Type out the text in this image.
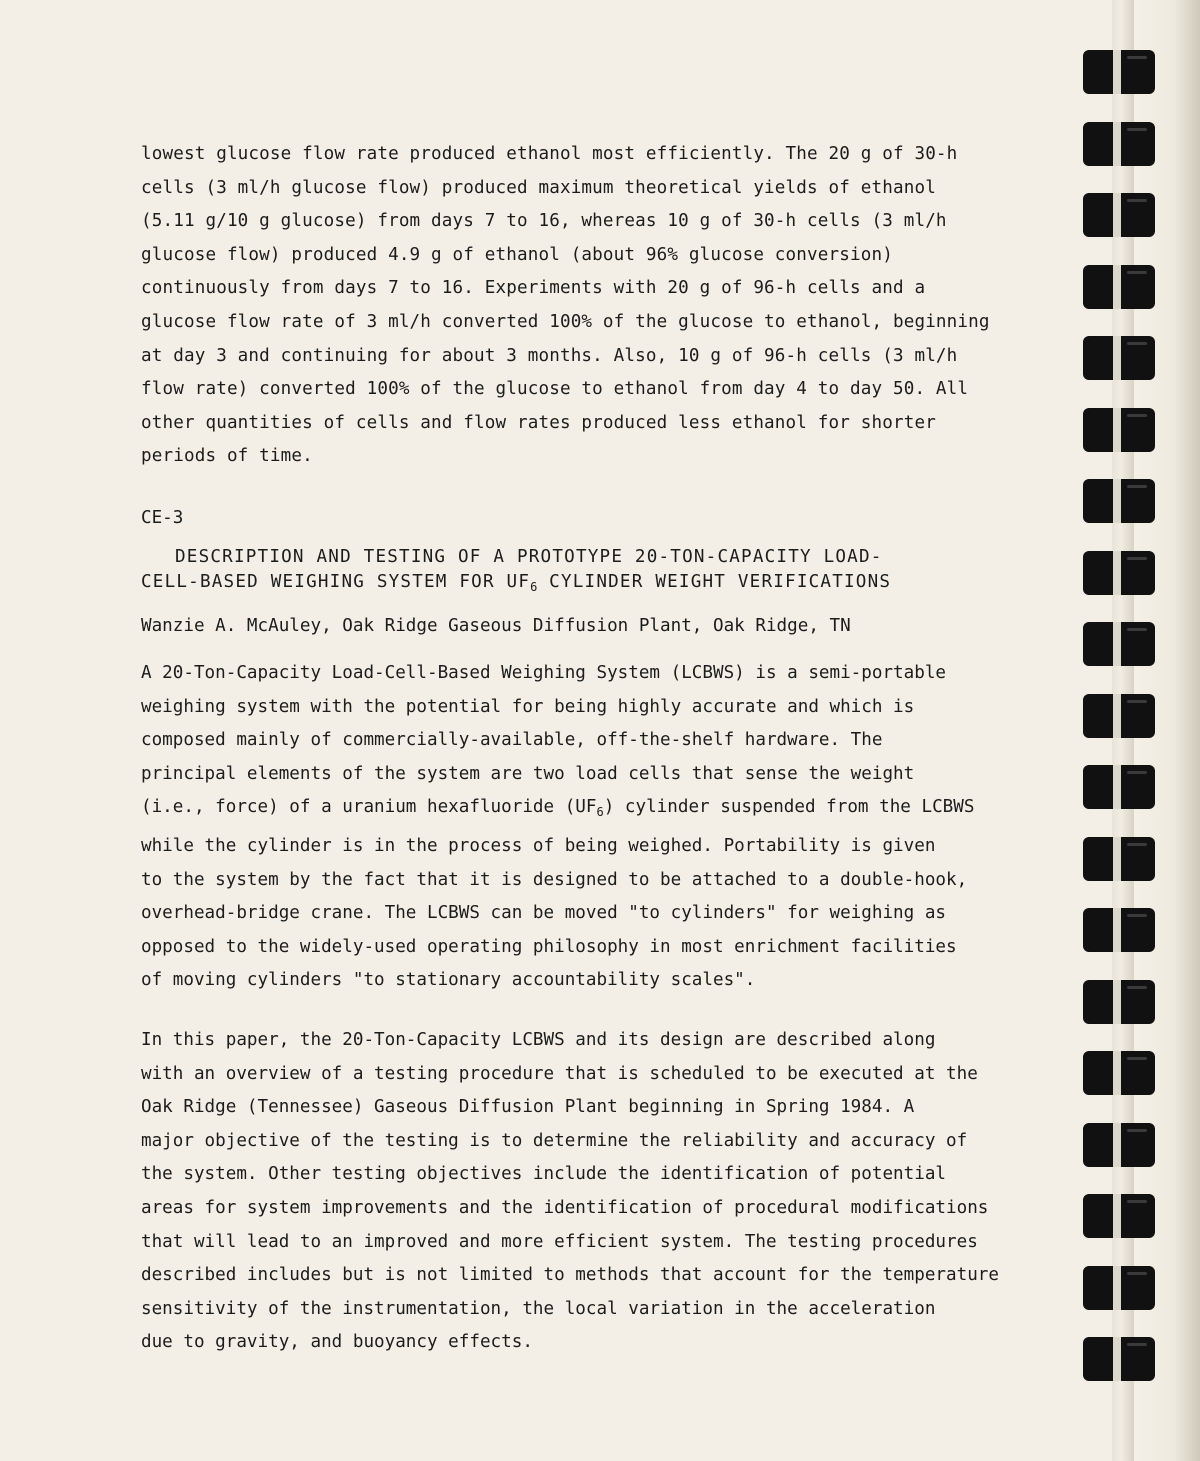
lowest glucose flow rate produced ethanol most efficiently. The 20 g of 30-h
cells (3 ml/h glucose flow) produced maximum theoretical yields of ethanol
(5.11 g/10 g glucose) from days 7 to 16, whereas 10 g of 30-h cells (3 ml/h
glucose flow) produced 4.9 g of ethanol (about 96% glucose conversion)
continuously from days 7 to 16. Experiments with 20 g of 96-h cells and a
glucose flow rate of 3 ml/h converted 100% of the glucose to ethanol, beginning
at day 3 and continuing for about 3 months. Also, 10 g of 96-h cells (3 ml/h
flow rate) converted 100% of the glucose to ethanol from day 4 to day 50. All
other quantities of cells and flow rates produced less ethanol for shorter
periods of time.

CE-3
DESCRIPTION AND TESTING OF A PROTOTYPE 20-TON-CAPACITY LOAD-
CELL-BASED WEIGHING SYSTEM FOR $UF_6$ CYLINDER WEIGHT VERIFICATIONS
Wanzie A. McAuley, Oak Ridge Gaseous Diffusion Plant, Oak Ridge, TN
A 20-Ton-Capacity Load-Cell-Based Weighing System (LCBWS) is a semi-portable
weighing system with the potential for being highly accurate and which is
composed mainly of commercially-available, off-the-shelf hardware. The
principal elements of the system are two load cells that sense the weight
(i.e., force) of a uranium hexafluoride $(UF_6)$ cylinder suspended from the LCBWS
while the cylinder is in the process of being weighed. Portability is given
to the system by the fact that it is designed to be attached to a double-hook,
overhead-bridge crane. The LCBWS can be moved "to cylinders" for weighing as
opposed to the widely-used operating philosophy in most enrichment facilities
of moving cylinders "to stationary accountability scales".
In this paper, the 20-Ton-Capacity LCBWS and its design are described along
with an overview of a testing procedure that is scheduled to be executed at the
Oak Ridge (Tennessee) Gaseous Diffusion Plant beginning in Spring 1984. A
major objective of the testing is to determine the reliability and accuracy of
the system. Other testing objectives include the identification of potential
areas for system improvements and the identification of procedural modifications
that will lead to an improved and more efficient system. The testing procedures
described includes but is not limited to methods that account for the temperature
sensitivity of the instrumentation, the local variation in the acceleration
due to gravity, and buoyancy effects.
